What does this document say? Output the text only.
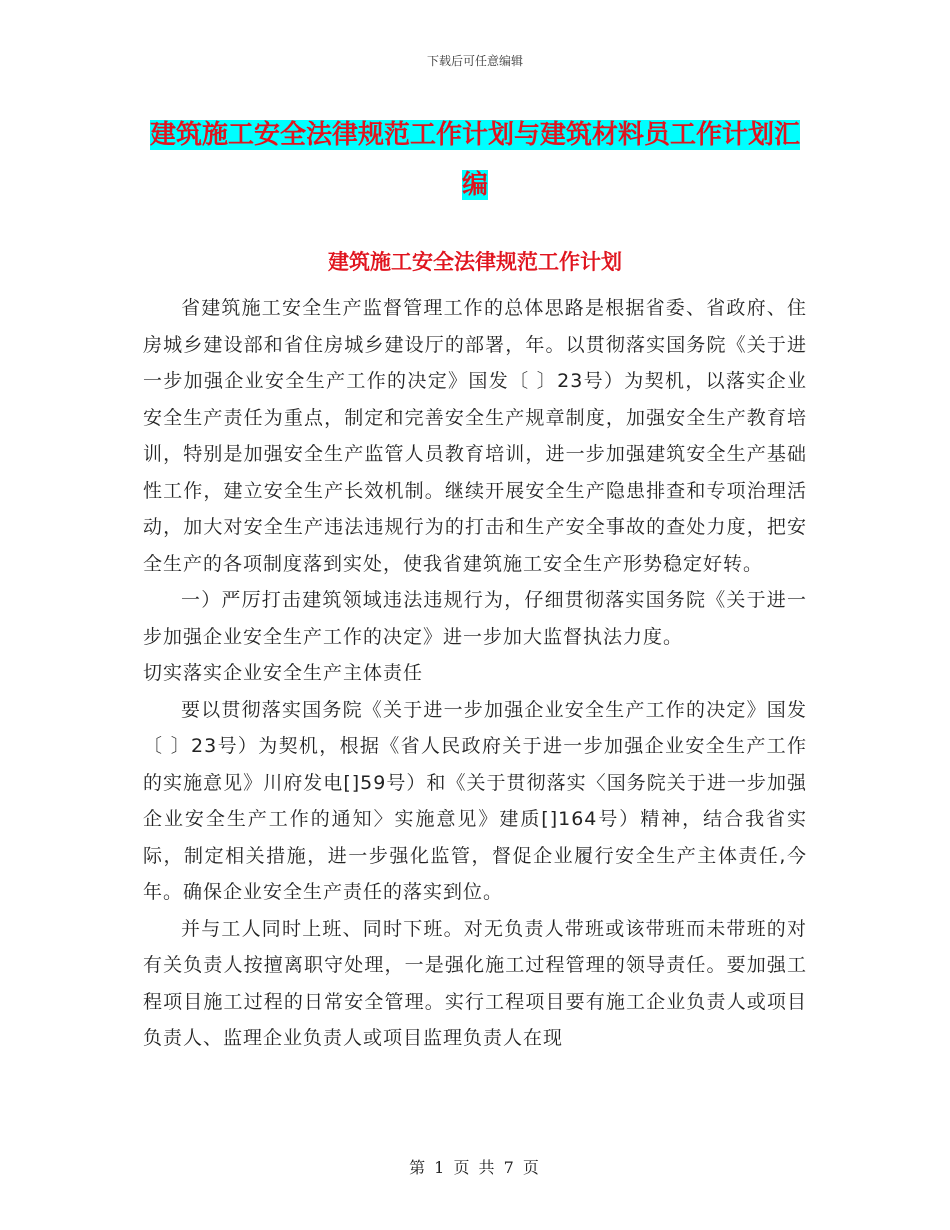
下载后可任意编辑
建筑施工安全法律规范工作计划与建筑材料员工作计划汇编
建筑施工安全法律规范工作计划

省建筑施工安全生产监督管理工作的总体思路是根据省委、省政府、住房城乡建设部和省住房城乡建设厅的部署，年。以贯彻落实国务院《关于进一步加强企业安全生产工作的决定》国发〔 〕23号）为契机，以落实企业安全生产责任为重点，制定和完善安全生产规章制度，加强安全生产教育培训，特别是加强安全生产监管人员教育培训，进一步加强建筑安全生产基础性工作，建立安全生产长效机制。继续开展安全生产隐患排查和专项治理活动，加大对安全生产违法违规行为的打击和生产安全事故的查处力度，把安全生产的各项制度落到实处，使我省建筑施工安全生产形势稳定好转。

一）严厉打击建筑领域违法违规行为，仔细贯彻落实国务院《关于进一步加强企业安全生产工作的决定》进一步加大监督执法力度。

切实落实企业安全生产主体责任

要以贯彻落实国务院《关于进一步加强企业安全生产工作的决定》国发〔 〕23号）为契机，根据《省人民政府关于进一步加强企业安全生产工作的实施意见》川府发电[]59号）和《关于贯彻落实〈国务院关于进一步加强企业安全生产工作的通知〉实施意见》建质[]164号）精神，结合我省实际，制定相关措施，进一步强化监管，督促企业履行安全生产主体责任,今年。确保企业安全生产责任的落实到位。

并与工人同时上班、同时下班。对无负责人带班或该带班而未带班的对有关负责人按擅离职守处理，一是强化施工过程管理的领导责任。要加强工程项目施工过程的日常安全管理。实行工程项目要有施工企业负责人或项目负责人、监理企业负责人或项目监理负责人在现

第 1 页 共 7 页
